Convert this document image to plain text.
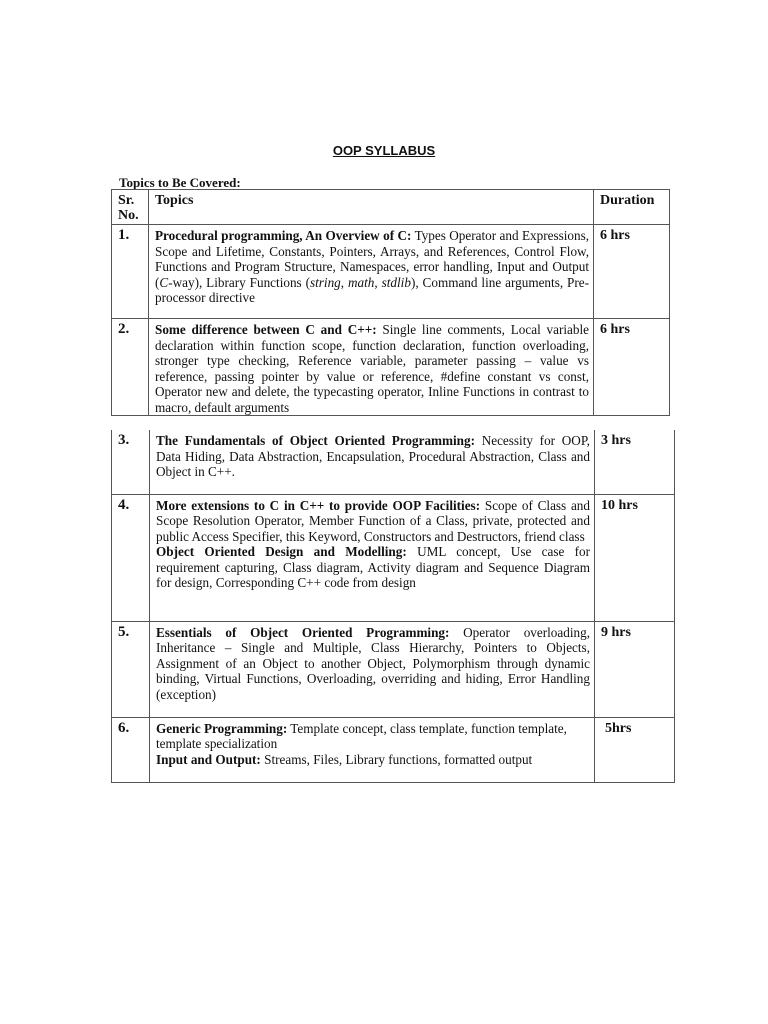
OOP SYLLABUS
Topics to Be Covered:
Sr.
No.	Topics	Duration
1.	Procedural programming, An Overview of C: Types Operator and Expressions, Scope and Lifetime, Constants, Pointers, Arrays, and References, Control Flow, Functions and Program Structure, Namespaces, error handling, Input and Output (C-way), Library Functions (string, math, stdlib), Command line arguments, Pre-processor directive	6 hrs
2.	Some difference between C and C++: Single line comments, Local variable declaration within function scope, function declaration, function overloading, stronger type checking, Reference variable, parameter passing – value vs reference, passing pointer by value or reference, #define constant vs const, Operator new and delete, the typecasting operator, Inline Functions in contrast to macro, default arguments	6 hrs
3.	The Fundamentals of Object Oriented Programming: Necessity for OOP, Data Hiding, Data Abstraction, Encapsulation, Procedural Abstraction, Class and Object in C++.	3 hrs
4.	More extensions to C in C++ to provide OOP Facilities: Scope of Class and Scope Resolution Operator, Member Function of a Class, private, protected and public Access Specifier, this Keyword, Constructors and Destructors, friend class
Object Oriented Design and Modelling: UML concept, Use case for requirement capturing, Class diagram, Activity diagram and Sequence Diagram for design, Corresponding C++ code from design	10 hrs
5.	Essentials of Object Oriented Programming: Operator overloading, Inheritance – Single and Multiple, Class Hierarchy, Pointers to Objects, Assignment of an Object to another Object, Polymorphism through dynamic binding, Virtual Functions, Overloading, overriding and hiding, Error Handling (exception)	9 hrs
6.	Generic Programming: Template concept, class template, function template, template specialization
Input and Output: Streams, Files, Library functions, formatted output	5hrs
